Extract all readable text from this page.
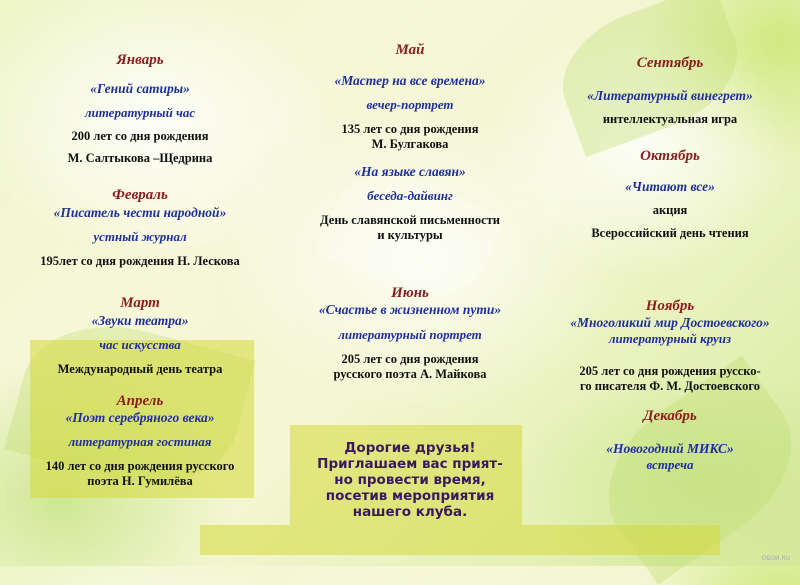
Январь
«Гений сатиры»
литературный час
200 лет со дня рождения
М. Салтыкова –Щедрина
Февраль
«Писатель чести народной»
устный журнал
195лет со дня рождения Н. Лескова
Март
«Звуки театра»
час искусства
Международный день театра
Апрель
«Поэт серебряного века»
литературная гостиная
140 лет со дня рождения русского
поэта Н. Гумилёва
Май
«Мастер на все времена»
вечер-портрет
135 лет со дня рождения
М. Булгакова
«На языке славян»
беседа-дайвинг
День славянской письменности
и культуры
Июнь
«Счастье в жизненном пути»
литературный портрет
205 лет со дня рождения
русского поэта А. Майкова
Сентябрь
«Литературный винегрет»
интеллектуальная игра
Октябрь
«Читают все»
акция
Всероссийский день чтения
Ноябрь
«Многоликий мир Достоевского»
литературный круиз
205 лет со дня рождения русско-
го писателя Ф. М. Достоевского
Декабрь
«Новогодний МИКС»
встреча
Дорогие друзья!
Приглашаем вас прият-
но провести время,
посетив мероприятия
нашего клуба.
ОБОИ.RU
